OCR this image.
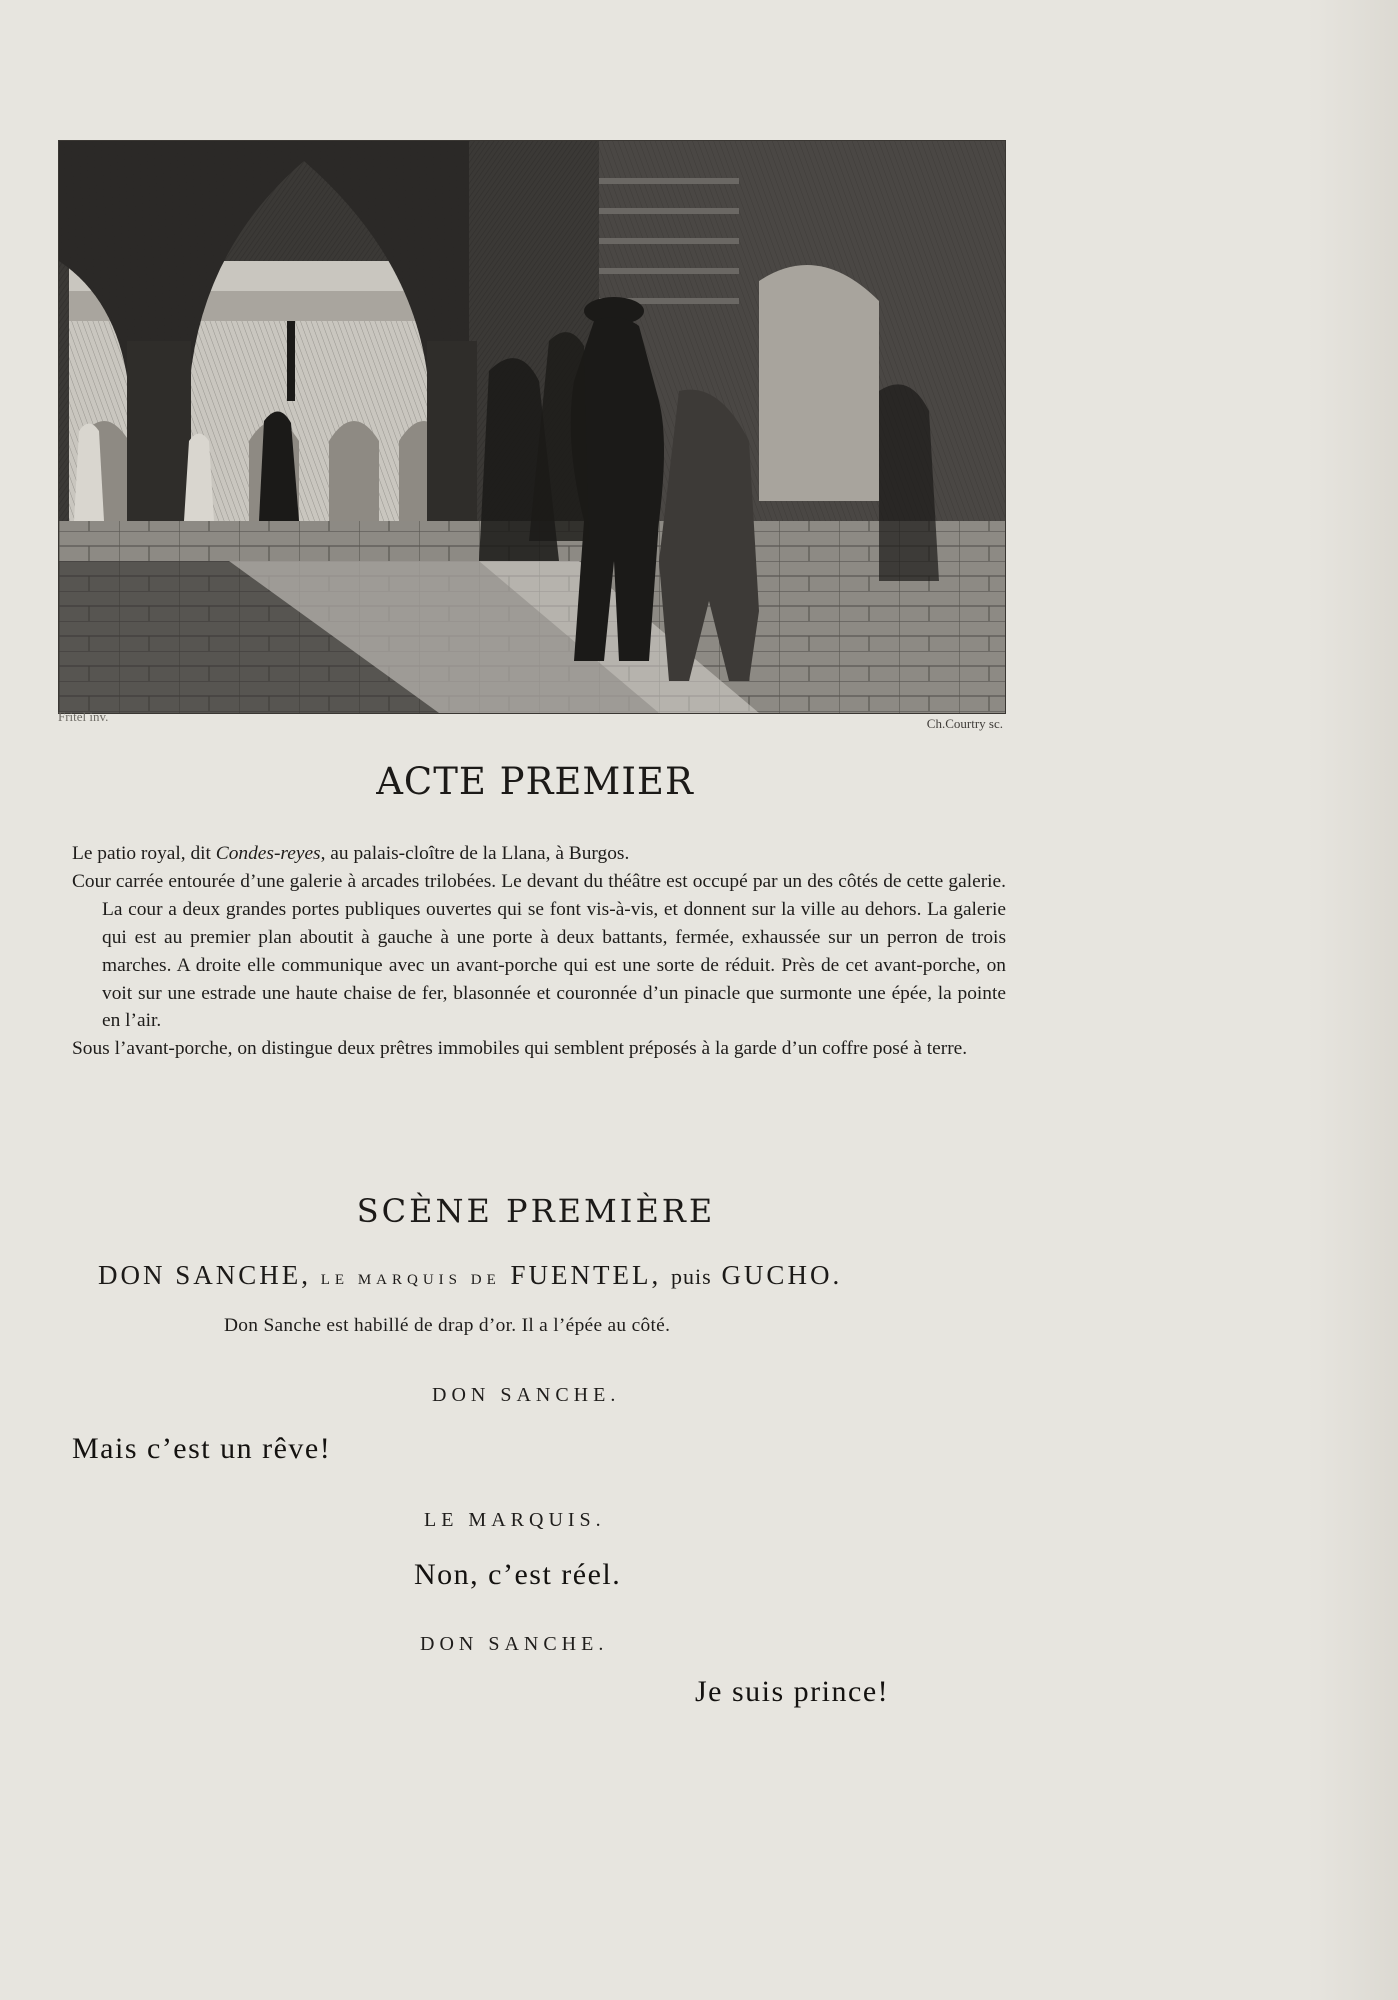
Fritel inv.	Ch.Courtry sc.
ACTE PREMIER

Le patio royal, dit Condes-reyes, au palais-cloître de la Llana, à Burgos.

Cour carrée entourée d’une galerie à arcades trilobées. Le devant du théâtre est occupé par un des côtés de cette galerie. La cour a deux grandes portes publiques ouvertes qui se font vis-à-vis, et donnent sur la ville au dehors. La galerie qui est au premier plan aboutit à gauche à une porte à deux battants, fermée, exhaussée sur un perron de trois marches. A droite elle communique avec un avant-porche qui est une sorte de réduit. Près de cet avant-porche, on voit sur une estrade une haute chaise de fer, blasonnée et couronnée d’un pinacle que surmonte une épée, la pointe en l’air.

Sous l’avant-porche, on distingue deux prêtres immobiles qui semblent préposés à la garde d’un coffre posé à terre.

SCÈNE PREMIÈRE
DON SANCHE, LE MARQUIS DE FUENTEL, puis GUCHO.
Don Sanche est habillé de drap d’or. Il a l’épée au côté.
DON SANCHE.
Mais c’est un rêve!
LE MARQUIS.
Non, c’est réel.
DON SANCHE.
Je suis prince!
